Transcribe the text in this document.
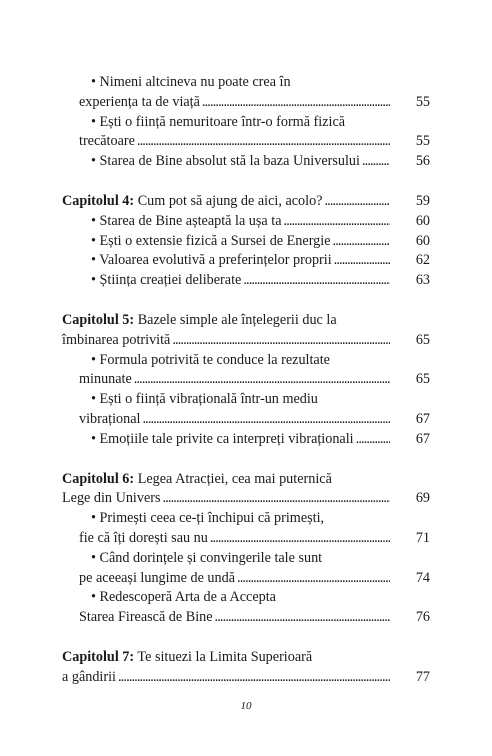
• Nimeni altcineva nu poate crea în
experiența ta de viață . . .	55
• Ești o ființă nemuritoare într-o formă fizică
trecătoare . . .	55
• Starea de Bine absolut stă la baza Universului . . .	56
Capitolul 4: Cum pot să ajung de aici, acolo? . . .	59
• Starea de Bine așteaptă la ușa ta . . .	60
• Ești o extensie fizică a Sursei de Energie . . .	60
• Valoarea evolutivă a preferințelor proprii . . .	62
• Știința creației deliberate . . .	63
Capitolul 5: Bazele simple ale înțelegerii duc la
îmbinarea potrivită . . .	65
• Formula potrivită te conduce la rezultate
minunate . . .	65
• Ești o ființă vibrațională într-un mediu
vibrațional . . .	67
• Emoțiile tale privite ca interpreți vibraționali . . .	67
Capitolul 6: Legea Atracției, cea mai puternică
Lege din Univers . . .	69
• Primești ceea ce-ți închipui că primești,
fie că îți dorești sau nu . . .	71
• Când dorințele și convingerile tale sunt
pe aceeași lungime de undă . . .	74
• Redescoperă Arta de a Accepta
Starea Firească de Bine . . .	76
Capitolul 7: Te situezi la Limita Superioară
a gândirii . . .	77
10
